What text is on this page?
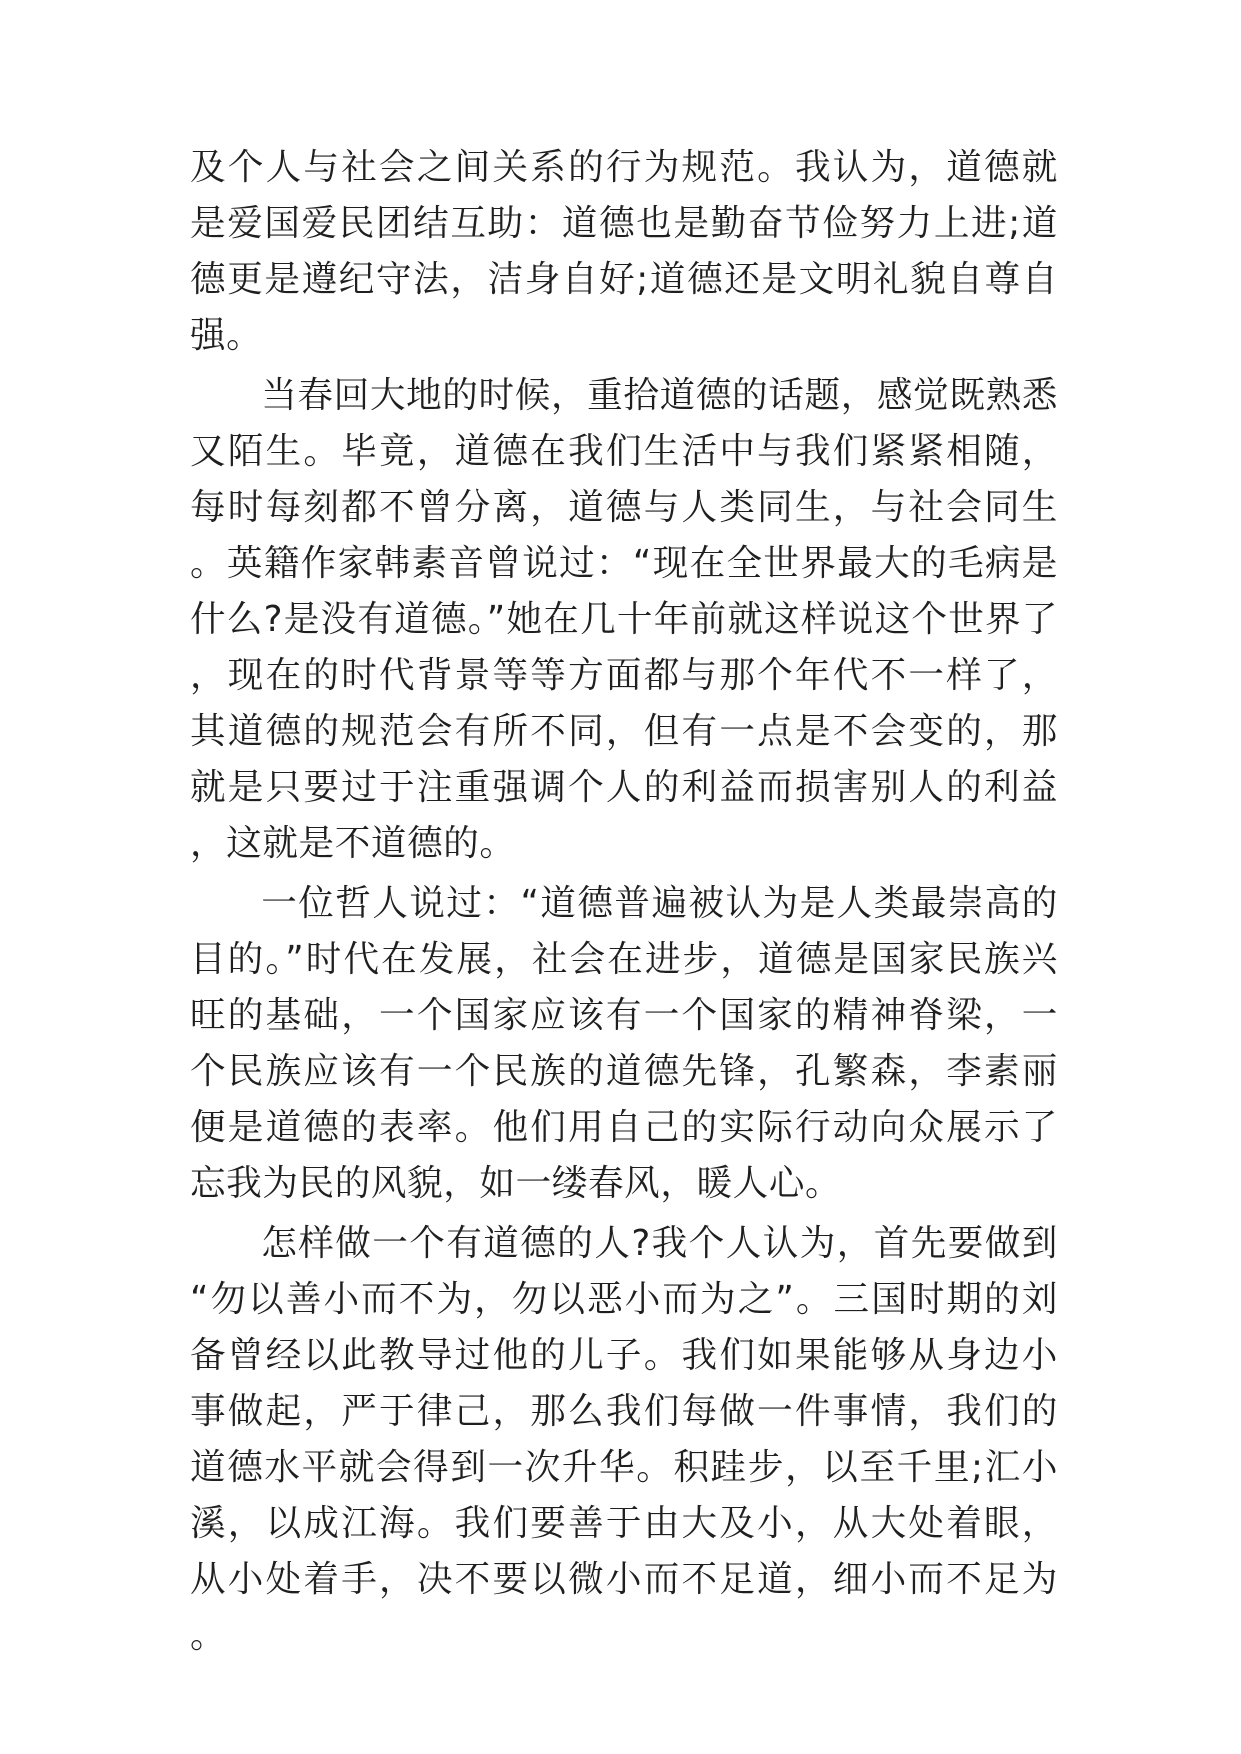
及个人与社会之间关系的行为规范。我认为，道德就是爱国爱民团结互助：道德也是勤奋节俭努力上进;道德更是遵纪守法，洁身自好;道德还是文明礼貌自尊自强。

当春回大地的时候，重拾道德的话题，感觉既熟悉又陌生。毕竟，道德在我们生活中与我们紧紧相随，每时每刻都不曾分离，道德与人类同生，与社会同生。英籍作家韩素音曾说过：“现在全世界最大的毛病是什么?是没有道德。”她在几十年前就这样说这个世界了，现在的时代背景等等方面都与那个年代不一样了，其道德的规范会有所不同，但有一点是不会变的，那就是只要过于注重强调个人的利益而损害别人的利益，这就是不道德的。

一位哲人说过：“道德普遍被认为是人类最崇高的目的。”时代在发展，社会在进步，道德是国家民族兴旺的基础，一个国家应该有一个国家的精神脊梁，一个民族应该有一个民族的道德先锋，孔繁森，李素丽便是道德的表率。他们用自己的实际行动向众展示了忘我为民的风貌，如一缕春风，暖人心。

怎样做一个有道德的人?我个人认为，首先要做到“勿以善小而不为，勿以恶小而为之”。三国时期的刘备曾经以此教导过他的儿子。我们如果能够从身边小事做起，严于律己，那么我们每做一件事情，我们的道德水平就会得到一次升华。积跬步，以至千里;汇小溪，以成江海。我们要善于由大及小，从大处着眼，从小处着手，决不要以微小而不足道，细小而不足为。
